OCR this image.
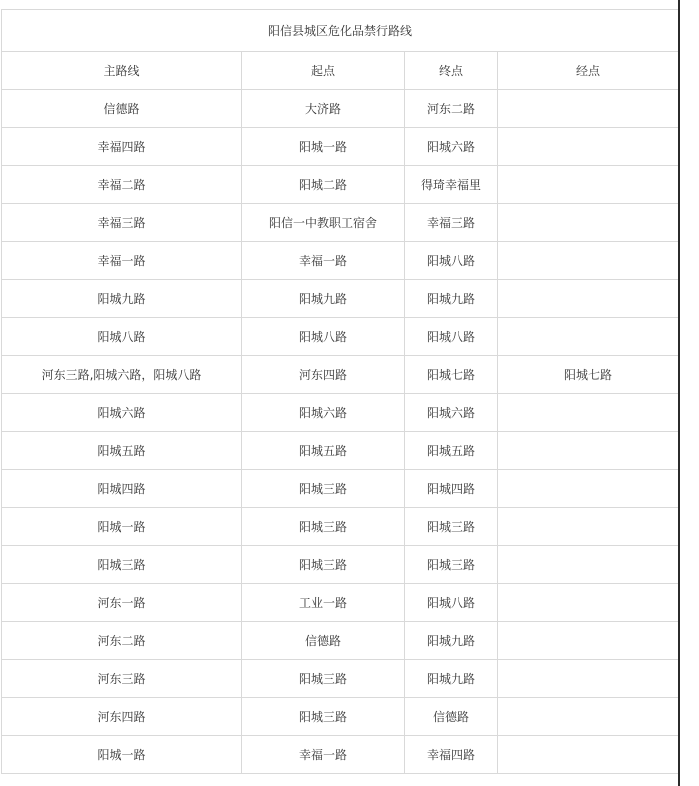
阳信县城区危化品禁行路线			
主路线	起点	终点	经点
信德路	大济路	河东二路	
幸福四路	阳城一路	阳城六路	
幸福二路	阳城二路	得琦幸福里	
幸福三路	阳信一中教职工宿舍	幸福三路	
幸福一路	幸福一路	阳城八路	
阳城九路	阳城九路	阳城九路	
阳城八路	阳城八路	阳城八路	
河东三路,阳城六路，阳城八路	河东四路	阳城七路	阳城七路
阳城六路	阳城六路	阳城六路	
阳城五路	阳城五路	阳城五路	
阳城四路	阳城三路	阳城四路	
阳城一路	阳城三路	阳城三路	
阳城三路	阳城三路	阳城三路	
河东一路	工业一路	阳城八路	
河东二路	信德路	阳城九路	
河东三路	阳城三路	阳城九路	
河东四路	阳城三路	信德路	
阳城一路	幸福一路	幸福四路	
